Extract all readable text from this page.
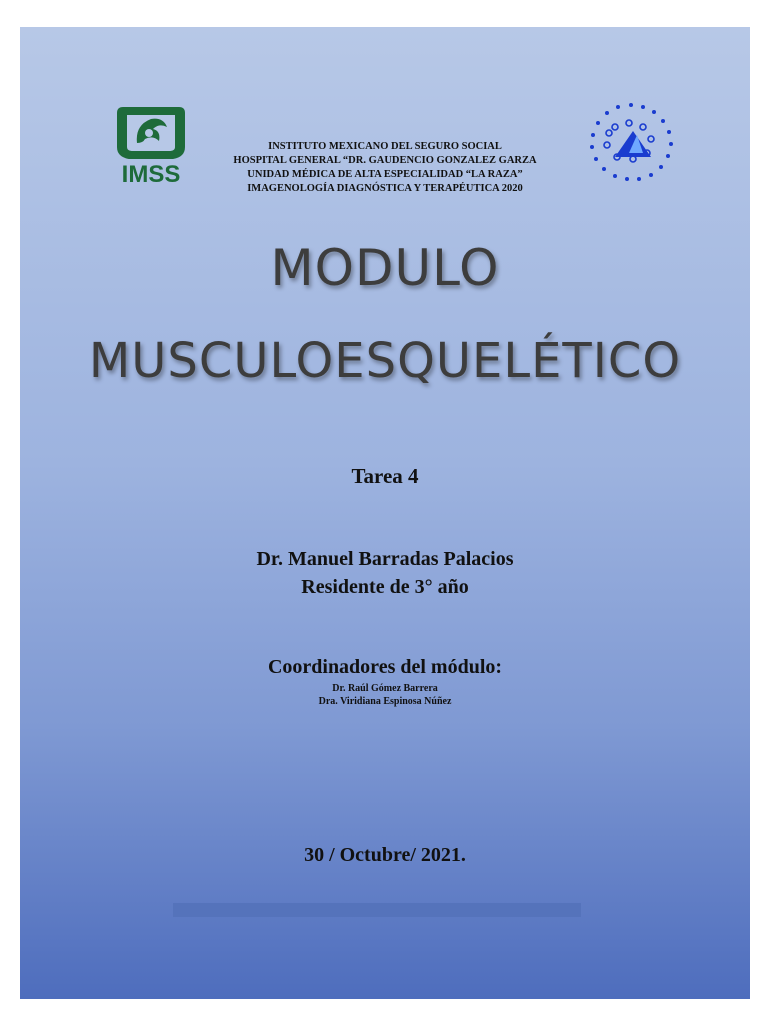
IMSS
INSTITUTO MEXICANO DEL SEGURO SOCIAL
HOSPITAL GENERAL “DR. GAUDENCIO GONZALEZ GARZA
UNIDAD MÉDICA DE ALTA ESPECIALIDAD “LA RAZA”
IMAGENOLOGÍA DIAGNÓSTICA Y TERAPÉUTICA 2020
MODULO
MUSCULOESQUELÉTICO
Tarea 4
Dr. Manuel Barradas Palacios
Residente de 3° año
Coordinadores del módulo:
Dr. Raúl Gómez Barrera
Dra. Viridiana Espinosa Núñez
30 / Octubre/ 2021.
